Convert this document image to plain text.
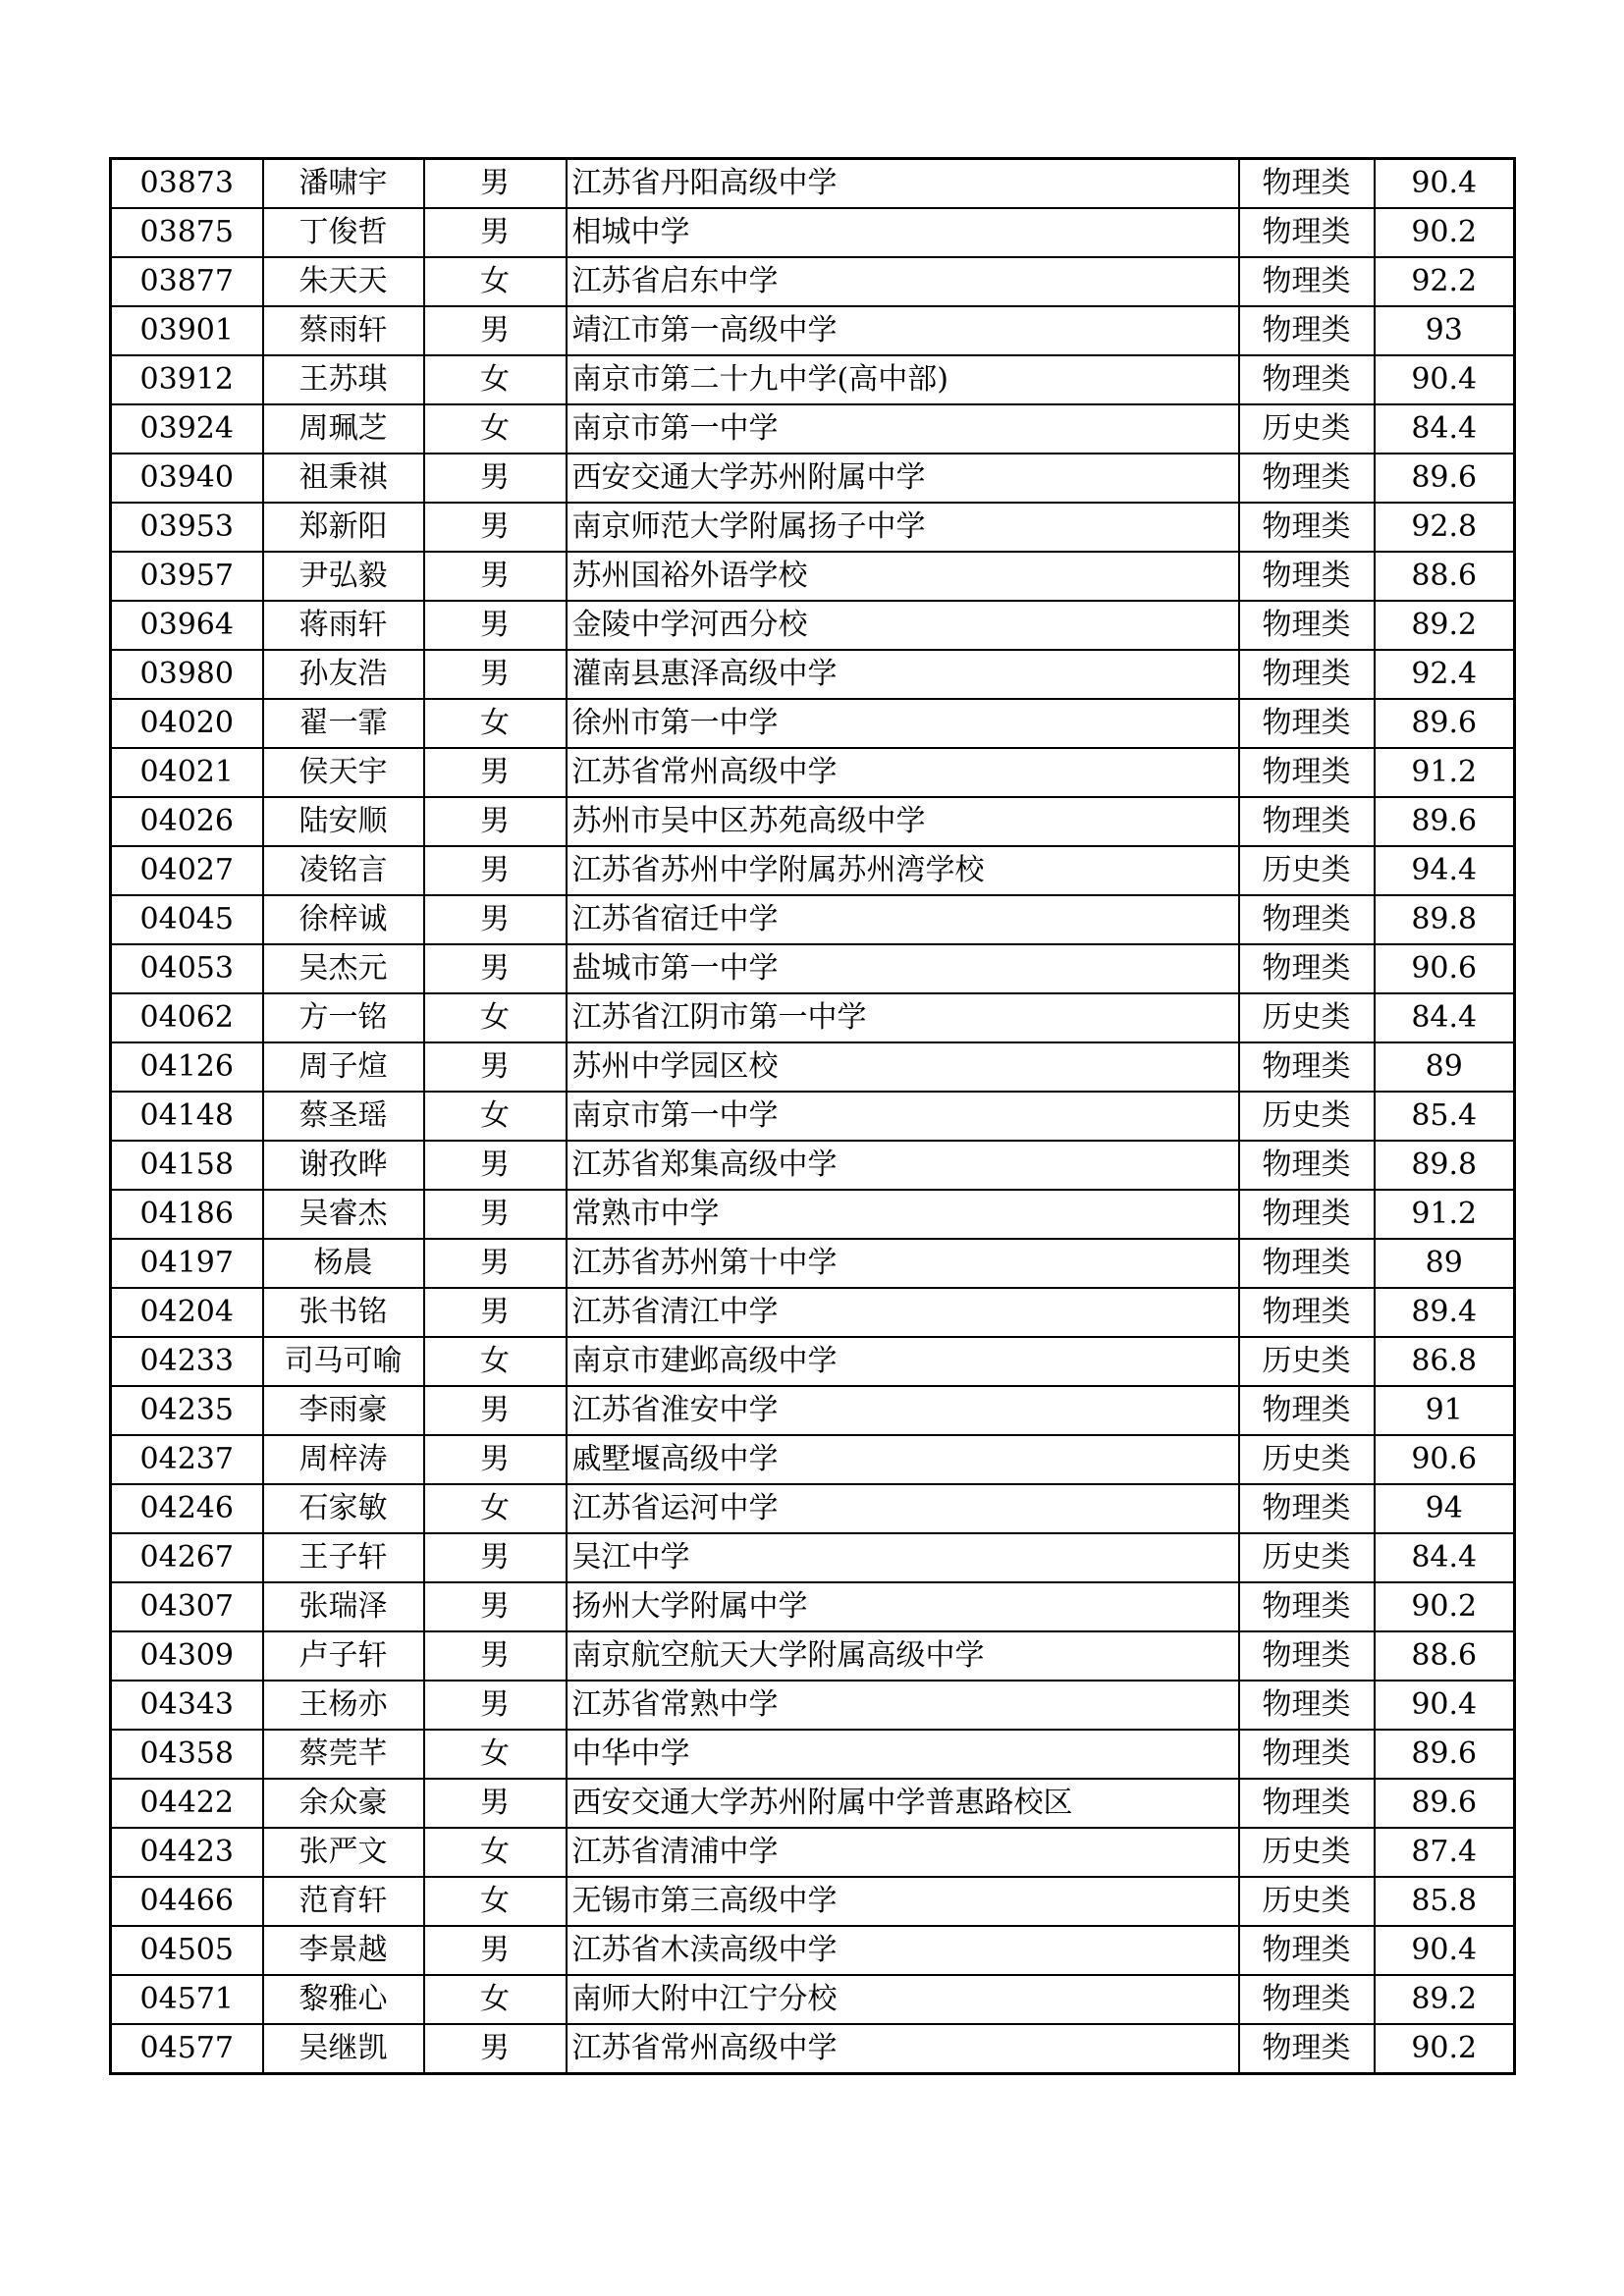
03873	潘啸宇	男	江苏省丹阳高级中学	物理类	90.4
03875	丁俊哲	男	相城中学	物理类	90.2
03877	朱天天	女	江苏省启东中学	物理类	92.2
03901	蔡雨轩	男	靖江市第一高级中学	物理类	93
03912	王苏琪	女	南京市第二十九中学(高中部)	物理类	90.4
03924	周珮芝	女	南京市第一中学	历史类	84.4
03940	祖秉祺	男	西安交通大学苏州附属中学	物理类	89.6
03953	郑新阳	男	南京师范大学附属扬子中学	物理类	92.8
03957	尹弘毅	男	苏州国裕外语学校	物理类	88.6
03964	蒋雨轩	男	金陵中学河西分校	物理类	89.2
03980	孙友浩	男	灌南县惠泽高级中学	物理类	92.4
04020	翟一霏	女	徐州市第一中学	物理类	89.6
04021	侯天宇	男	江苏省常州高级中学	物理类	91.2
04026	陆安顺	男	苏州市吴中区苏苑高级中学	物理类	89.6
04027	凌铭言	男	江苏省苏州中学附属苏州湾学校	历史类	94.4
04045	徐梓诚	男	江苏省宿迁中学	物理类	89.8
04053	吴杰元	男	盐城市第一中学	物理类	90.6
04062	方一铭	女	江苏省江阴市第一中学	历史类	84.4
04126	周子煊	男	苏州中学园区校	物理类	89
04148	蔡圣瑶	女	南京市第一中学	历史类	85.4
04158	谢孜晔	男	江苏省郑集高级中学	物理类	89.8
04186	吴睿杰	男	常熟市中学	物理类	91.2
04197	杨晨	男	江苏省苏州第十中学	物理类	89
04204	张书铭	男	江苏省清江中学	物理类	89.4
04233	司马可喻	女	南京市建邺高级中学	历史类	86.8
04235	李雨豪	男	江苏省淮安中学	物理类	91
04237	周梓涛	男	戚墅堰高级中学	历史类	90.6
04246	石家敏	女	江苏省运河中学	物理类	94
04267	王子轩	男	吴江中学	历史类	84.4
04307	张瑞泽	男	扬州大学附属中学	物理类	90.2
04309	卢子轩	男	南京航空航天大学附属高级中学	物理类	88.6
04343	王杨亦	男	江苏省常熟中学	物理类	90.4
04358	蔡莞芊	女	中华中学	物理类	89.6
04422	余众豪	男	西安交通大学苏州附属中学普惠路校区	物理类	89.6
04423	张严文	女	江苏省清浦中学	历史类	87.4
04466	范育轩	女	无锡市第三高级中学	历史类	85.8
04505	李景越	男	江苏省木渎高级中学	物理类	90.4
04571	黎雅心	女	南师大附中江宁分校	物理类	89.2
04577	吴继凯	男	江苏省常州高级中学	物理类	90.2
